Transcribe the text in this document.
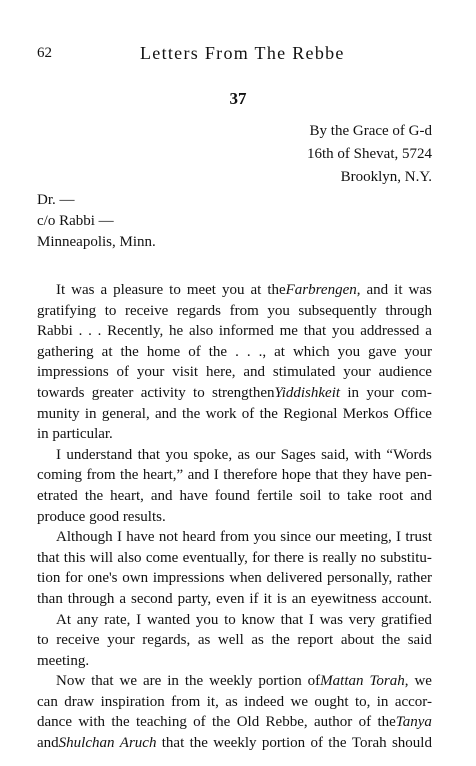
62	Letters From The Rebbe
37
By the Grace of G-d
16th of Shevat, 5724
Brooklyn, N.Y.
Dr. —
c/o Rabbi —
Minneapolis, Minn.
It was a pleasure to meet you at theFarbrengen, and it was
gratifying to receive regards from you subsequently through
Rabbi . . . Recently, he also informed me that you addressed a
gathering at the home of the . . ., at which you gave your
impressions of your visit here, and stimulated your audience
towards greater activity to strengthenYiddishkeit in your com-
munity in general, and the work of the Regional Merkos Office
in particular.
I understand that you spoke, as our Sages said, with “Words
coming from the heart,” and I therefore hope that they have pen-
etrated the heart, and have found fertile soil to take root and
produce good results.
Although I have not heard from you since our meeting, I trust
that this will also come eventually, for there is really no substitu-
tion for one's own impressions when delivered personally, rather
than through a second party, even if it is an eyewitness account.
At any rate, I wanted you to know that I was very gratified
to receive your regards, as well as the report about the said
meeting.
Now that we are in the weekly portion ofMattan Torah, we
can draw inspiration from it, as indeed we ought to, in accor-
dance with the teaching of the Old Rebbe, author of theTanya
andShulchan Aruch that the weekly portion of the Torah should
